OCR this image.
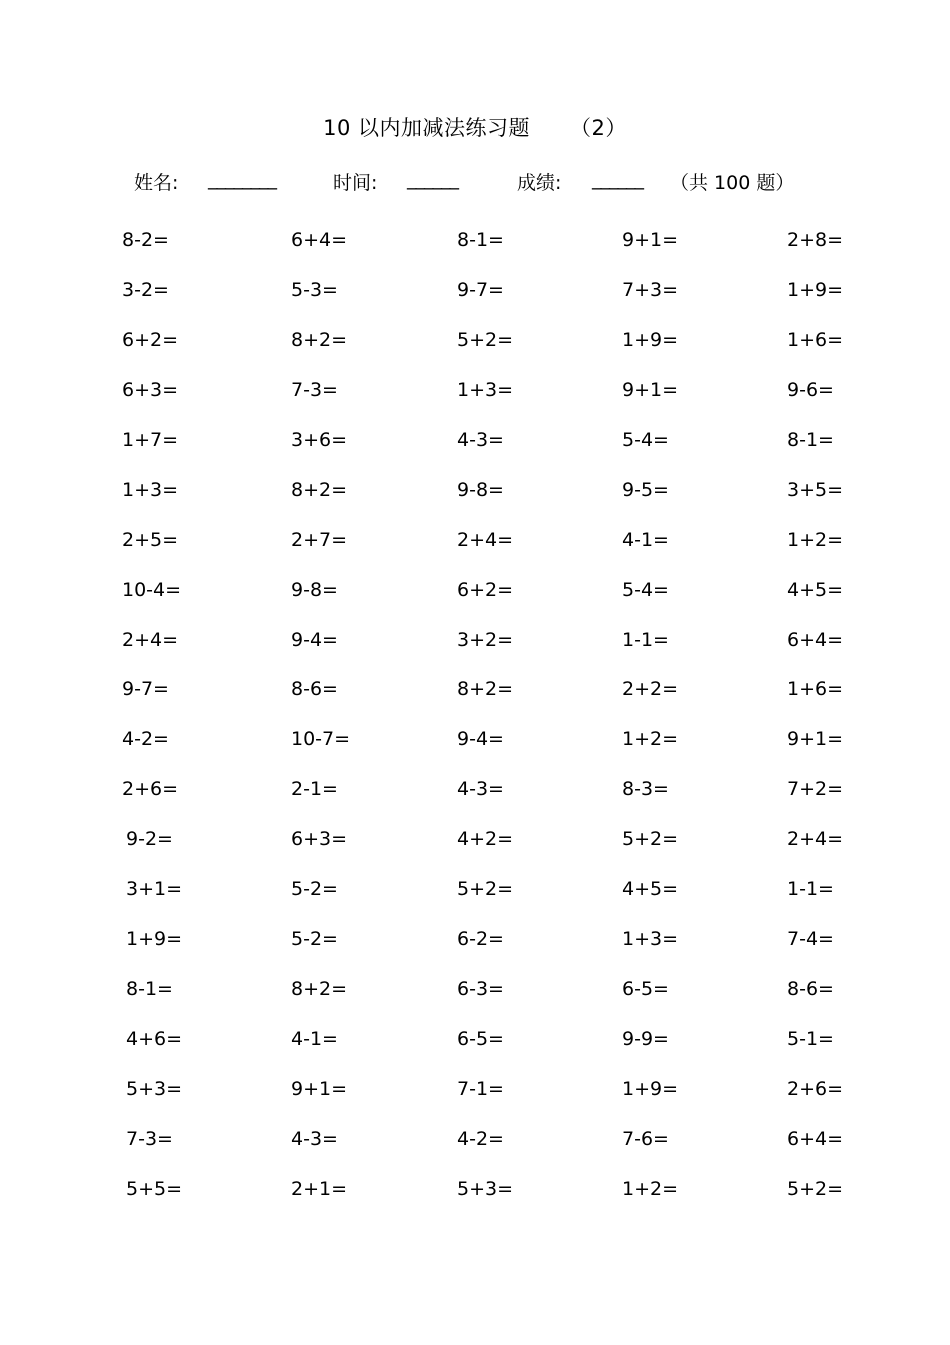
10 以内加减法练习题 （2）
姓名: ________	时间: ______	成绩: ______ （共 100 题）
8-2=	6+4=	8-1=	9+1=	2+8=
3-2=	5-3=	9-7=	7+3=	1+9=
6+2=	8+2=	5+2=	1+9=	1+6=
6+3=	7-3=	1+3=	9+1=	9-6=
1+7=	3+6=	4-3=	5-4=	8-1=
1+3=	8+2=	9-8=	9-5=	3+5=
2+5=	2+7=	2+4=	4-1=	1+2=
10-4=	9-8=	6+2=	5-4=	4+5=
2+4=	9-4=	3+2=	1-1=	6+4=
9-7=	8-6=	8+2=	2+2=	1+6=
4-2=	10-7=	9-4=	1+2=	9+1=
2+6=	2-1=	4-3=	8-3=	7+2=
9-2=	6+3=	4+2=	5+2=	2+4=
3+1=	5-2=	5+2=	4+5=	1-1=
1+9=	5-2=	6-2=	1+3=	7-4=
8-1=	8+2=	6-3=	6-5=	8-6=
4+6=	4-1=	6-5=	9-9=	5-1=
5+3=	9+1=	7-1=	1+9=	2+6=
7-3=	4-3=	4-2=	7-6=	6+4=
5+5=	2+1=	5+3=	1+2=	5+2=
